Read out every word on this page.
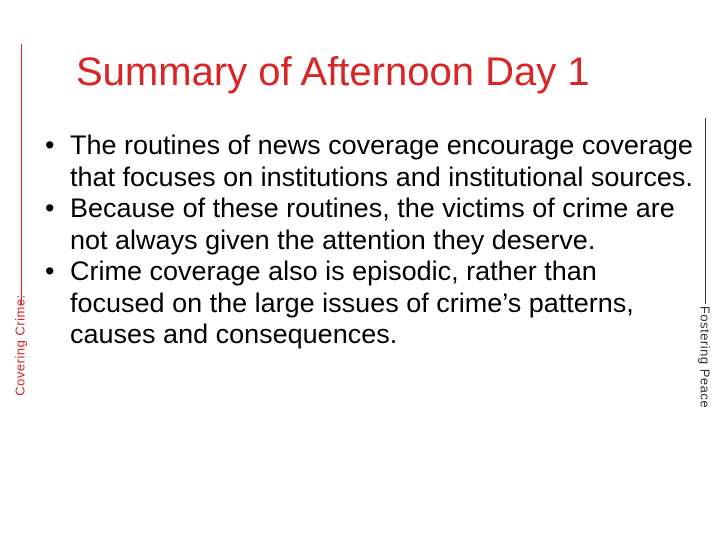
Covering Crime:	Fostering Peace
Summary of Afternoon Day 1
• The routines of news coverage encourage coverage that focuses on institutions and institutional sources.
• Because of these routines, the victims of crime are not always given the attention they deserve.
• Crime coverage also is episodic, rather than focused on the large issues of crime’s patterns, causes and consequences.
